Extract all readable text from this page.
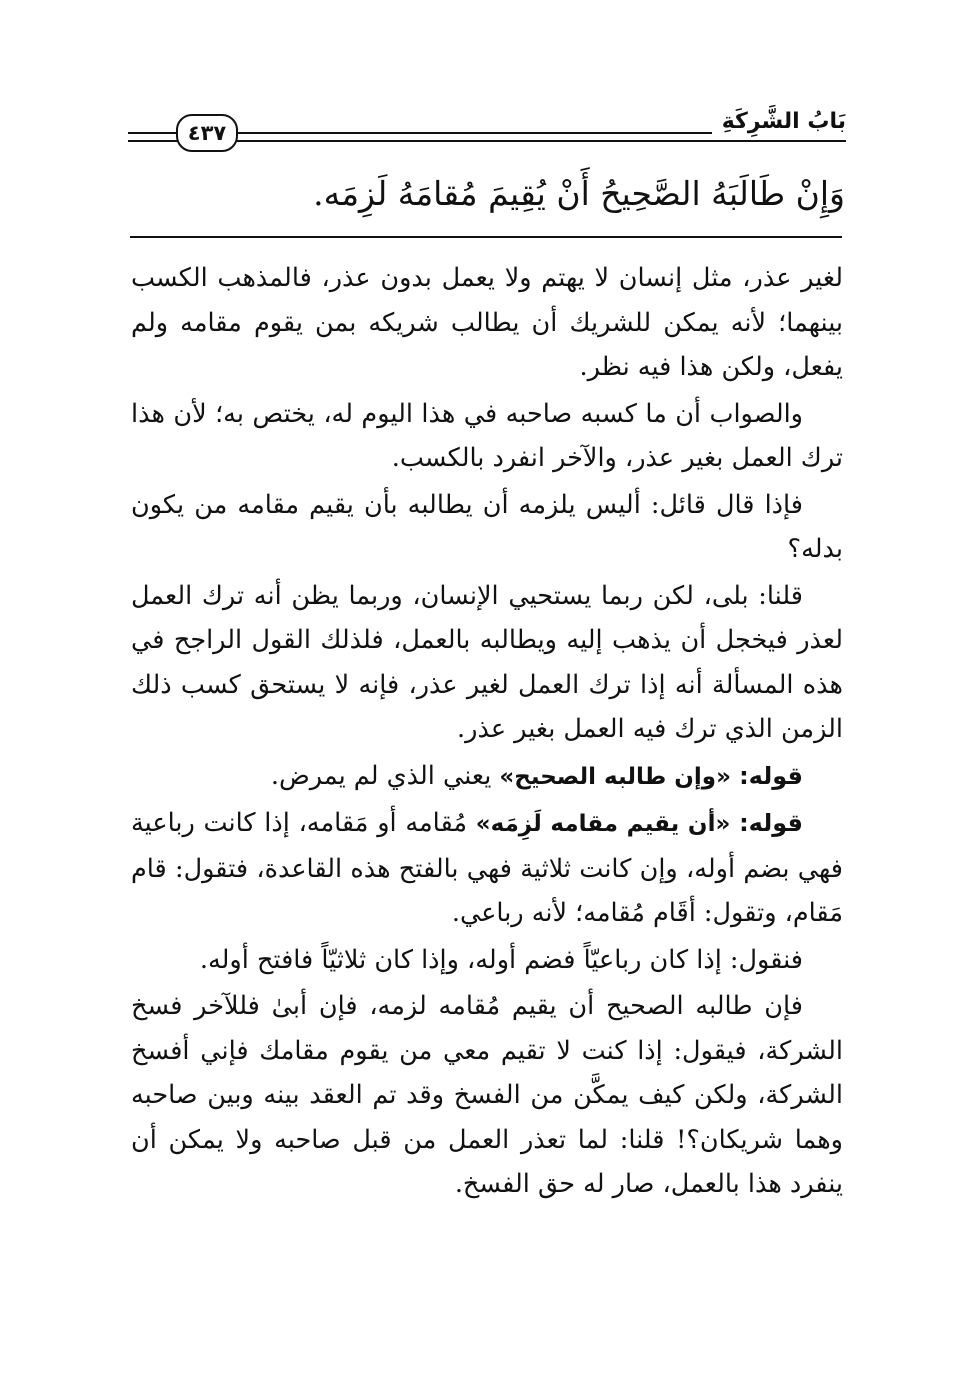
بَابُ الشَّرِكَةِ
٤٣٧
وَإِنْ طَالَبَهُ الصَّحِيحُ أَنْ يُقِيمَ مُقامَهُ لَزِمَه.

لغير عذر، مثل إنسان لا يهتم ولا يعمل بدون عذر، فالمذهب الكسب بينهما؛ لأنه يمكن للشريك أن يطالب شريكه بمن يقوم مقامه ولم يفعل، ولكن هذا فيه نظر.

والصواب أن ما كسبه صاحبه في هذا اليوم له، يختص به؛ لأن هذا ترك العمل بغير عذر، والآخر انفرد بالكسب.

فإذا قال قائل: أليس يلزمه أن يطالبه بأن يقيم مقامه من يكون بدله؟

قلنا: بلى، لكن ربما يستحيي الإنسان، وربما يظن أنه ترك العمل لعذر فيخجل أن يذهب إليه ويطالبه بالعمل، فلذلك القول الراجح في هذه المسألة أنه إذا ترك العمل لغير عذر، فإنه لا يستحق كسب ذلك الزمن الذي ترك فيه العمل بغير عذر.

قوله: «وإن طالبه الصحيح» يعني الذي لم يمرض.

قوله: «أن يقيم مقامه لَزِمَه» مُقامه أو مَقامه، إذا كانت رباعية فهي بضم أوله، وإن كانت ثلاثية فهي بالفتح هذه القاعدة، فتقول: قام مَقام، وتقول: أقَام مُقامه؛ لأنه رباعي.

فنقول: إذا كان رباعيّاً فضم أوله، وإذا كان ثلاثيّاً فافتح أوله.

فإن طالبه الصحيح أن يقيم مُقامه لزمه، فإن أبىٰ فللآخر فسخ الشركة، فيقول: إذا كنت لا تقيم معي من يقوم مقامك فإني أفسخ الشركة، ولكن كيف يمكَّن من الفسخ وقد تم العقد بينه وبين صاحبه وهما شريكان؟! قلنا: لما تعذر العمل من قبل صاحبه ولا يمكن أن ينفرد هذا بالعمل، صار له حق الفسخ.
